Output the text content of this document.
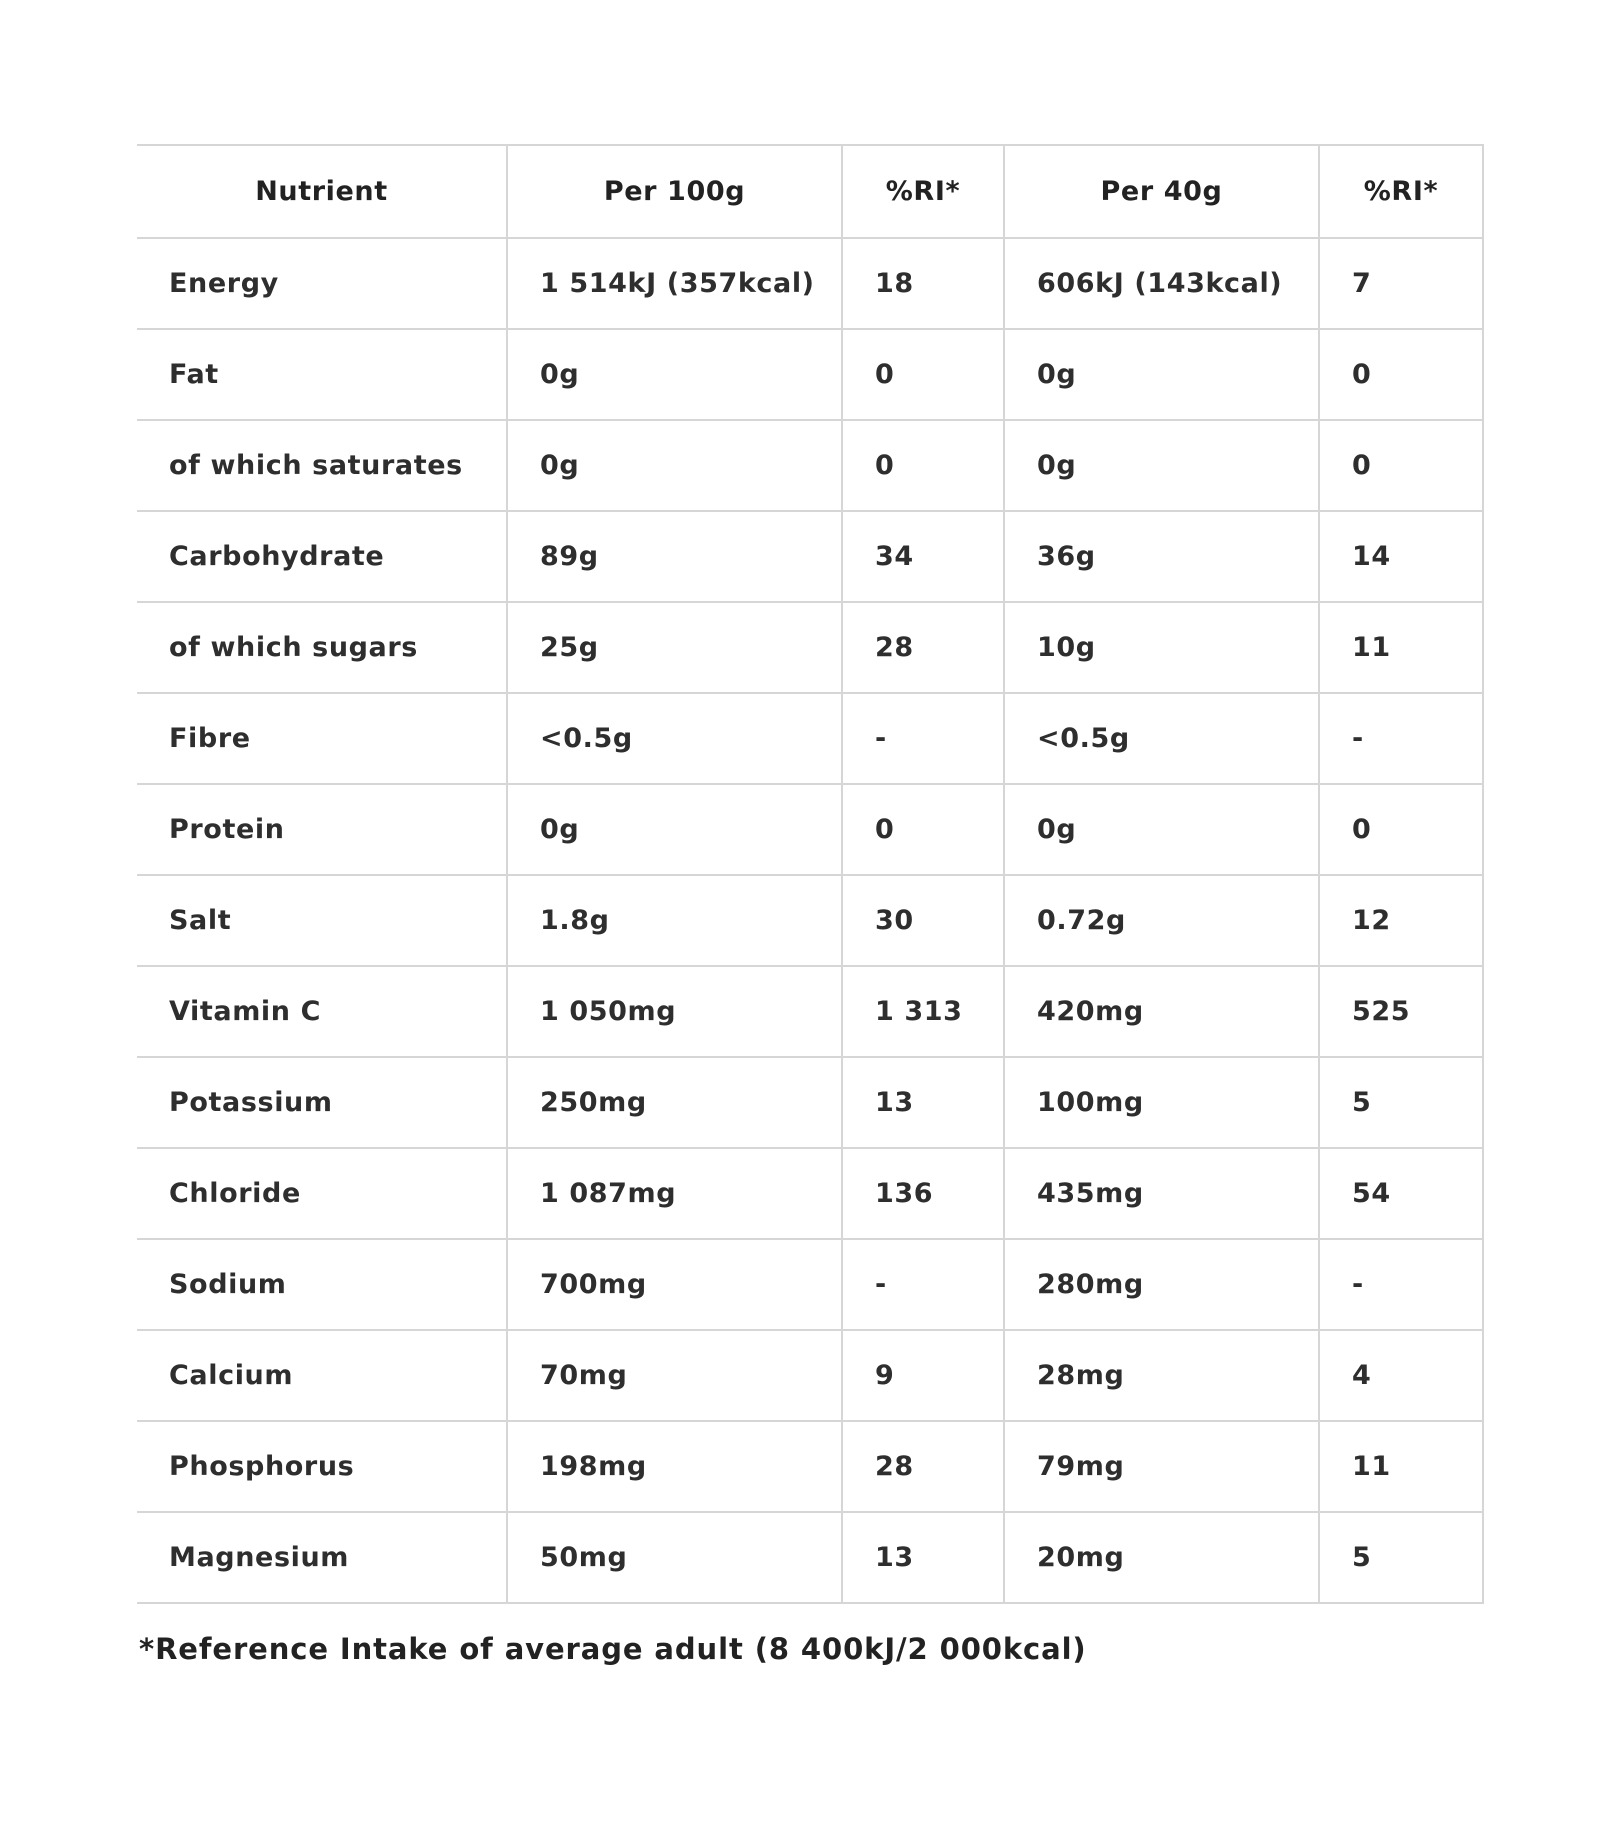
Nutrient	Per 100g	%RI*	Per 40g	%RI*
Energy	1 514kJ (357kcal)	18	606kJ (143kcal)	7
Fat	0g	0	0g	0
of which saturates	0g	0	0g	0
Carbohydrate	89g	34	36g	14
of which sugars	25g	28	10g	11
Fibre	<0.5g	-	<0.5g	-
Protein	0g	0	0g	0
Salt	1.8g	30	0.72g	12
Vitamin C	1 050mg	1 313	420mg	525
Potassium	250mg	13	100mg	5
Chloride	1 087mg	136	435mg	54
Sodium	700mg	-	280mg	-
Calcium	70mg	9	28mg	4
Phosphorus	198mg	28	79mg	11
Magnesium	50mg	13	20mg	5
*Reference Intake of average adult (8 400kJ/2 000kcal)
